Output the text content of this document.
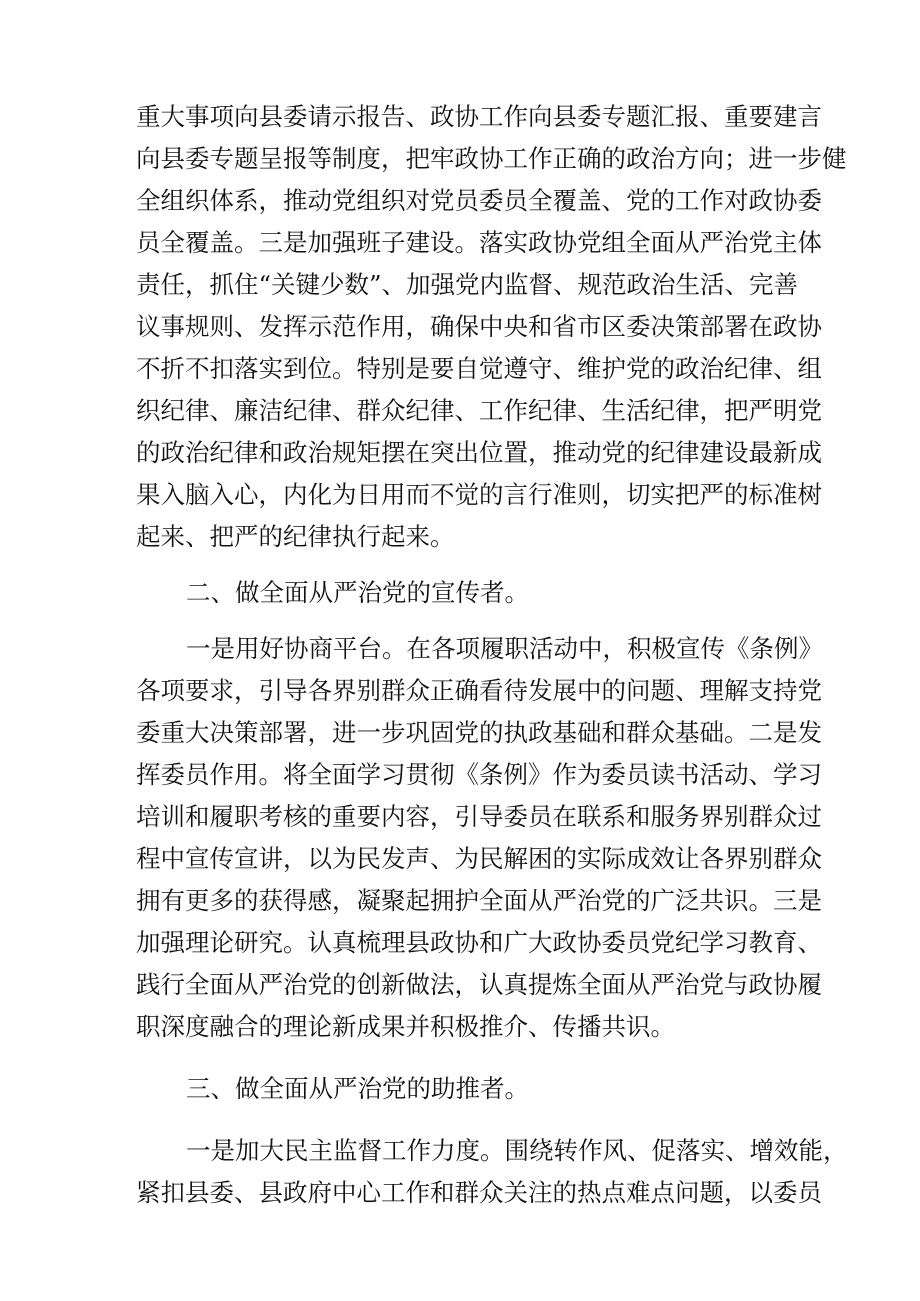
重大事项向县委请示报告、政协工作向县委专题汇报、重要建言
向县委专题呈报等制度，把牢政协工作正确的政治方向；进一步健
全组织体系，推动党组织对党员委员全覆盖、党的工作对政协委
员全覆盖。三是加强班子建设。落实政协党组全面从严治党主体
责任，抓住“关键少数”、加强党内监督、规范政治生活、完善
议事规则、发挥示范作用，确保中央和省市区委决策部署在政协
不折不扣落实到位。特别是要自觉遵守、维护党的政治纪律、组
织纪律、廉洁纪律、群众纪律、工作纪律、生活纪律，把严明党
的政治纪律和政治规矩摆在突出位置，推动党的纪律建设最新成
果入脑入心，内化为日用而不觉的言行准则，切实把严的标准树
起来、把严的纪律执行起来。
二、做全面从严治党的宣传者。
一是用好协商平台。在各项履职活动中，积极宣传《条例》
各项要求，引导各界别群众正确看待发展中的问题、理解支持党
委重大决策部署，进一步巩固党的执政基础和群众基础。二是发
挥委员作用。将全面学习贯彻《条例》作为委员读书活动、学习
培训和履职考核的重要内容，引导委员在联系和服务界别群众过
程中宣传宣讲，以为民发声、为民解困的实际成效让各界别群众
拥有更多的获得感，凝聚起拥护全面从严治党的广泛共识。三是
加强理论研究。认真梳理县政协和广大政协委员党纪学习教育、
践行全面从严治党的创新做法，认真提炼全面从严治党与政协履
职深度融合的理论新成果并积极推介、传播共识。
三、做全面从严治党的助推者。
一是加大民主监督工作力度。围绕转作风、促落实、增效能，
紧扣县委、县政府中心工作和群众关注的热点难点问题，以委员
